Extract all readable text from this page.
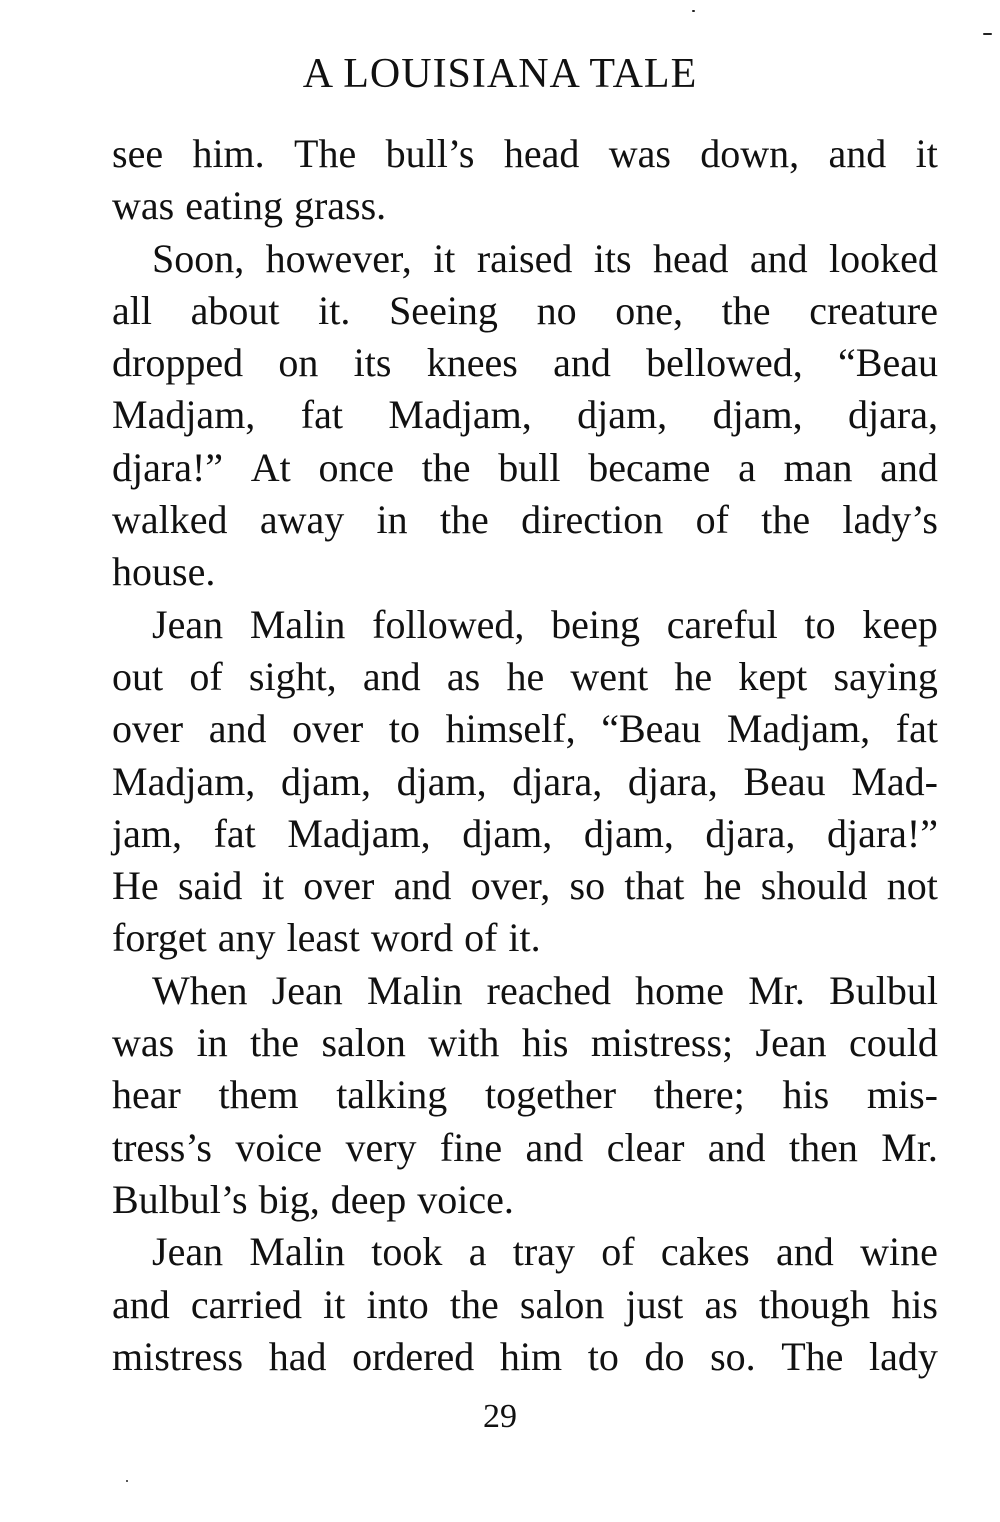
A LOUISIANA TALE
see him. The bull’s head was down, and it
was eating grass.
Soon, however, it raised its head and looked
all about it. Seeing no one, the creature
dropped on its knees and bellowed, “Beau
Madjam, fat Madjam, djam, djam, djara,
djara!” At once the bull became a man and
walked away in the direction of the lady’s
house.
Jean Malin followed, being careful to keep
out of sight, and as he went he kept saying
over and over to himself, “Beau Madjam, fat
Madjam, djam, djam, djara, djara, Beau Mad-
jam, fat Madjam, djam, djam, djara, djara!”
He said it over and over, so that he should not
forget any least word of it.
When Jean Malin reached home Mr. Bulbul
was in the salon with his mistress; Jean could
hear them talking together there; his mis-
tress’s voice very fine and clear and then Mr.
Bulbul’s big, deep voice.
Jean Malin took a tray of cakes and wine
and carried it into the salon just as though his
mistress had ordered him to do so. The lady
29
